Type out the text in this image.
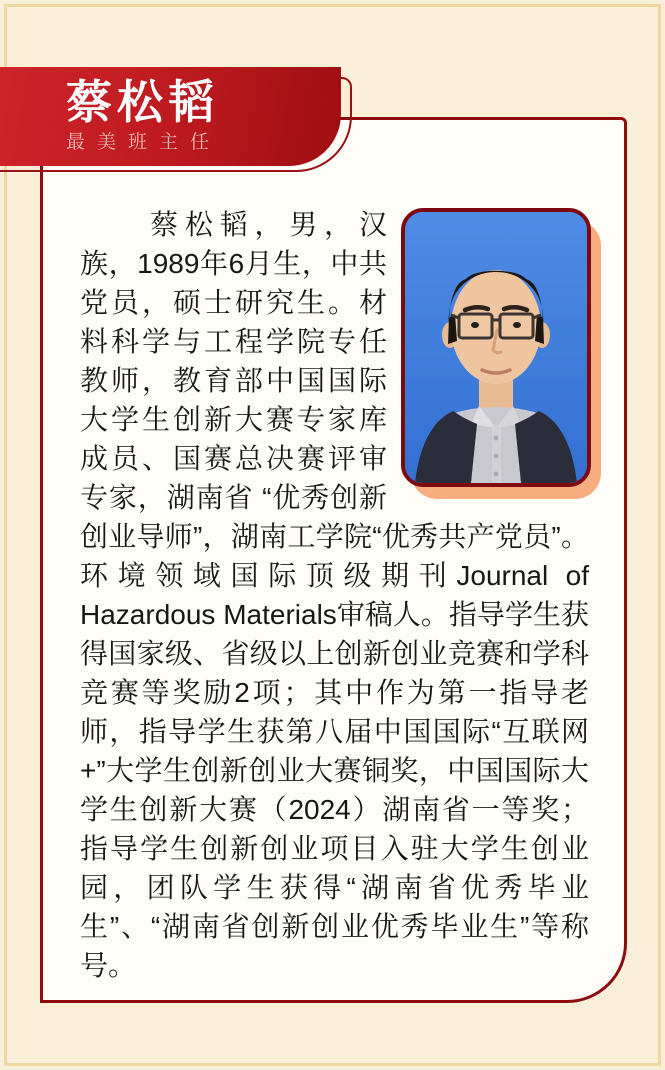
蔡松韬
最美班主任

蔡松韬，男，汉族，1989年6月生，中共党员，硕士研究生。材料科学与工程学院专任教师，教育部中国国际大学生创新大赛专家库成员、国赛总决赛评审专家，湖南省 “优秀创新创业导师”，湖南工学院“优秀共产党员”。环境领域国际顶级期刊Journal of Hazardous Materials审稿人。指导学生获得国家级、省级以上创新创业竞赛和学科竞赛等奖励2项；其中作为第一指导老师，指导学生获第八届中国国际“互联网+”大学生创新创业大赛铜奖，中国国际大学生创新大赛（2024）湖南省一等奖；指导学生创新创业项目入驻大学生创业园，团队学生获得“湖南省优秀毕业生”、“湖南省创新创业优秀毕业生”等称号。
